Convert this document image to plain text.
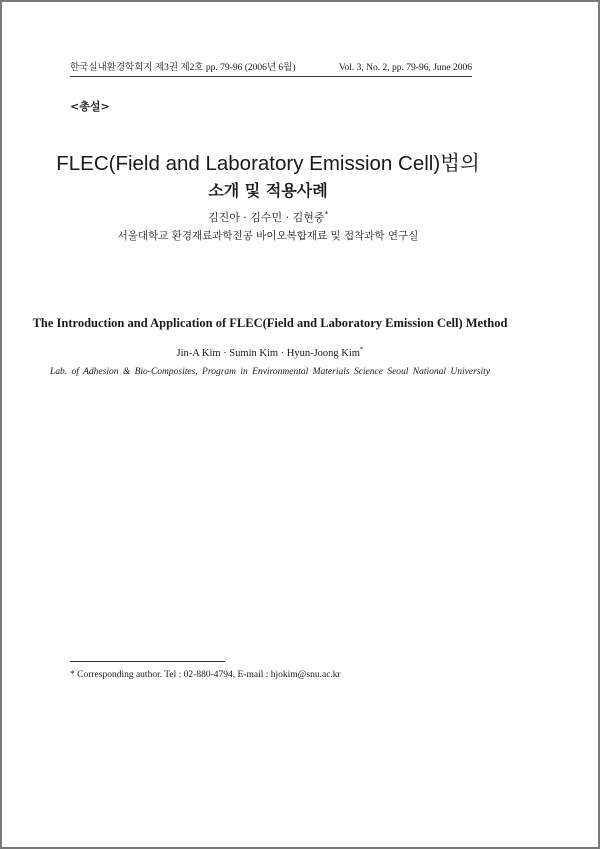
한국실내환경학회지 제3권 제2호 pp. 79-96 (2006년 6월)	Vol. 3, No. 2, pp. 79-96, June 2006
<총설>
FLEC(Field and Laboratory Emission Cell)법의
소개 및 적용사례
김진아 · 김수민 · 김현중*
서울대학교 환경재료과학전공 바이오복합재료 및 접착과학 연구실
The Introduction and Application of FLEC(Field and Laboratory Emission Cell) Method
Jin-A Kim · Sumin Kim · Hyun-Joong Kim*
Lab. of Adhesion & Bio-Composites, Program in Environmental Materials Science Seoul National University
* Corresponding author. Tel : 02-880-4794, E-mail : hjokim@snu.ac.kr
